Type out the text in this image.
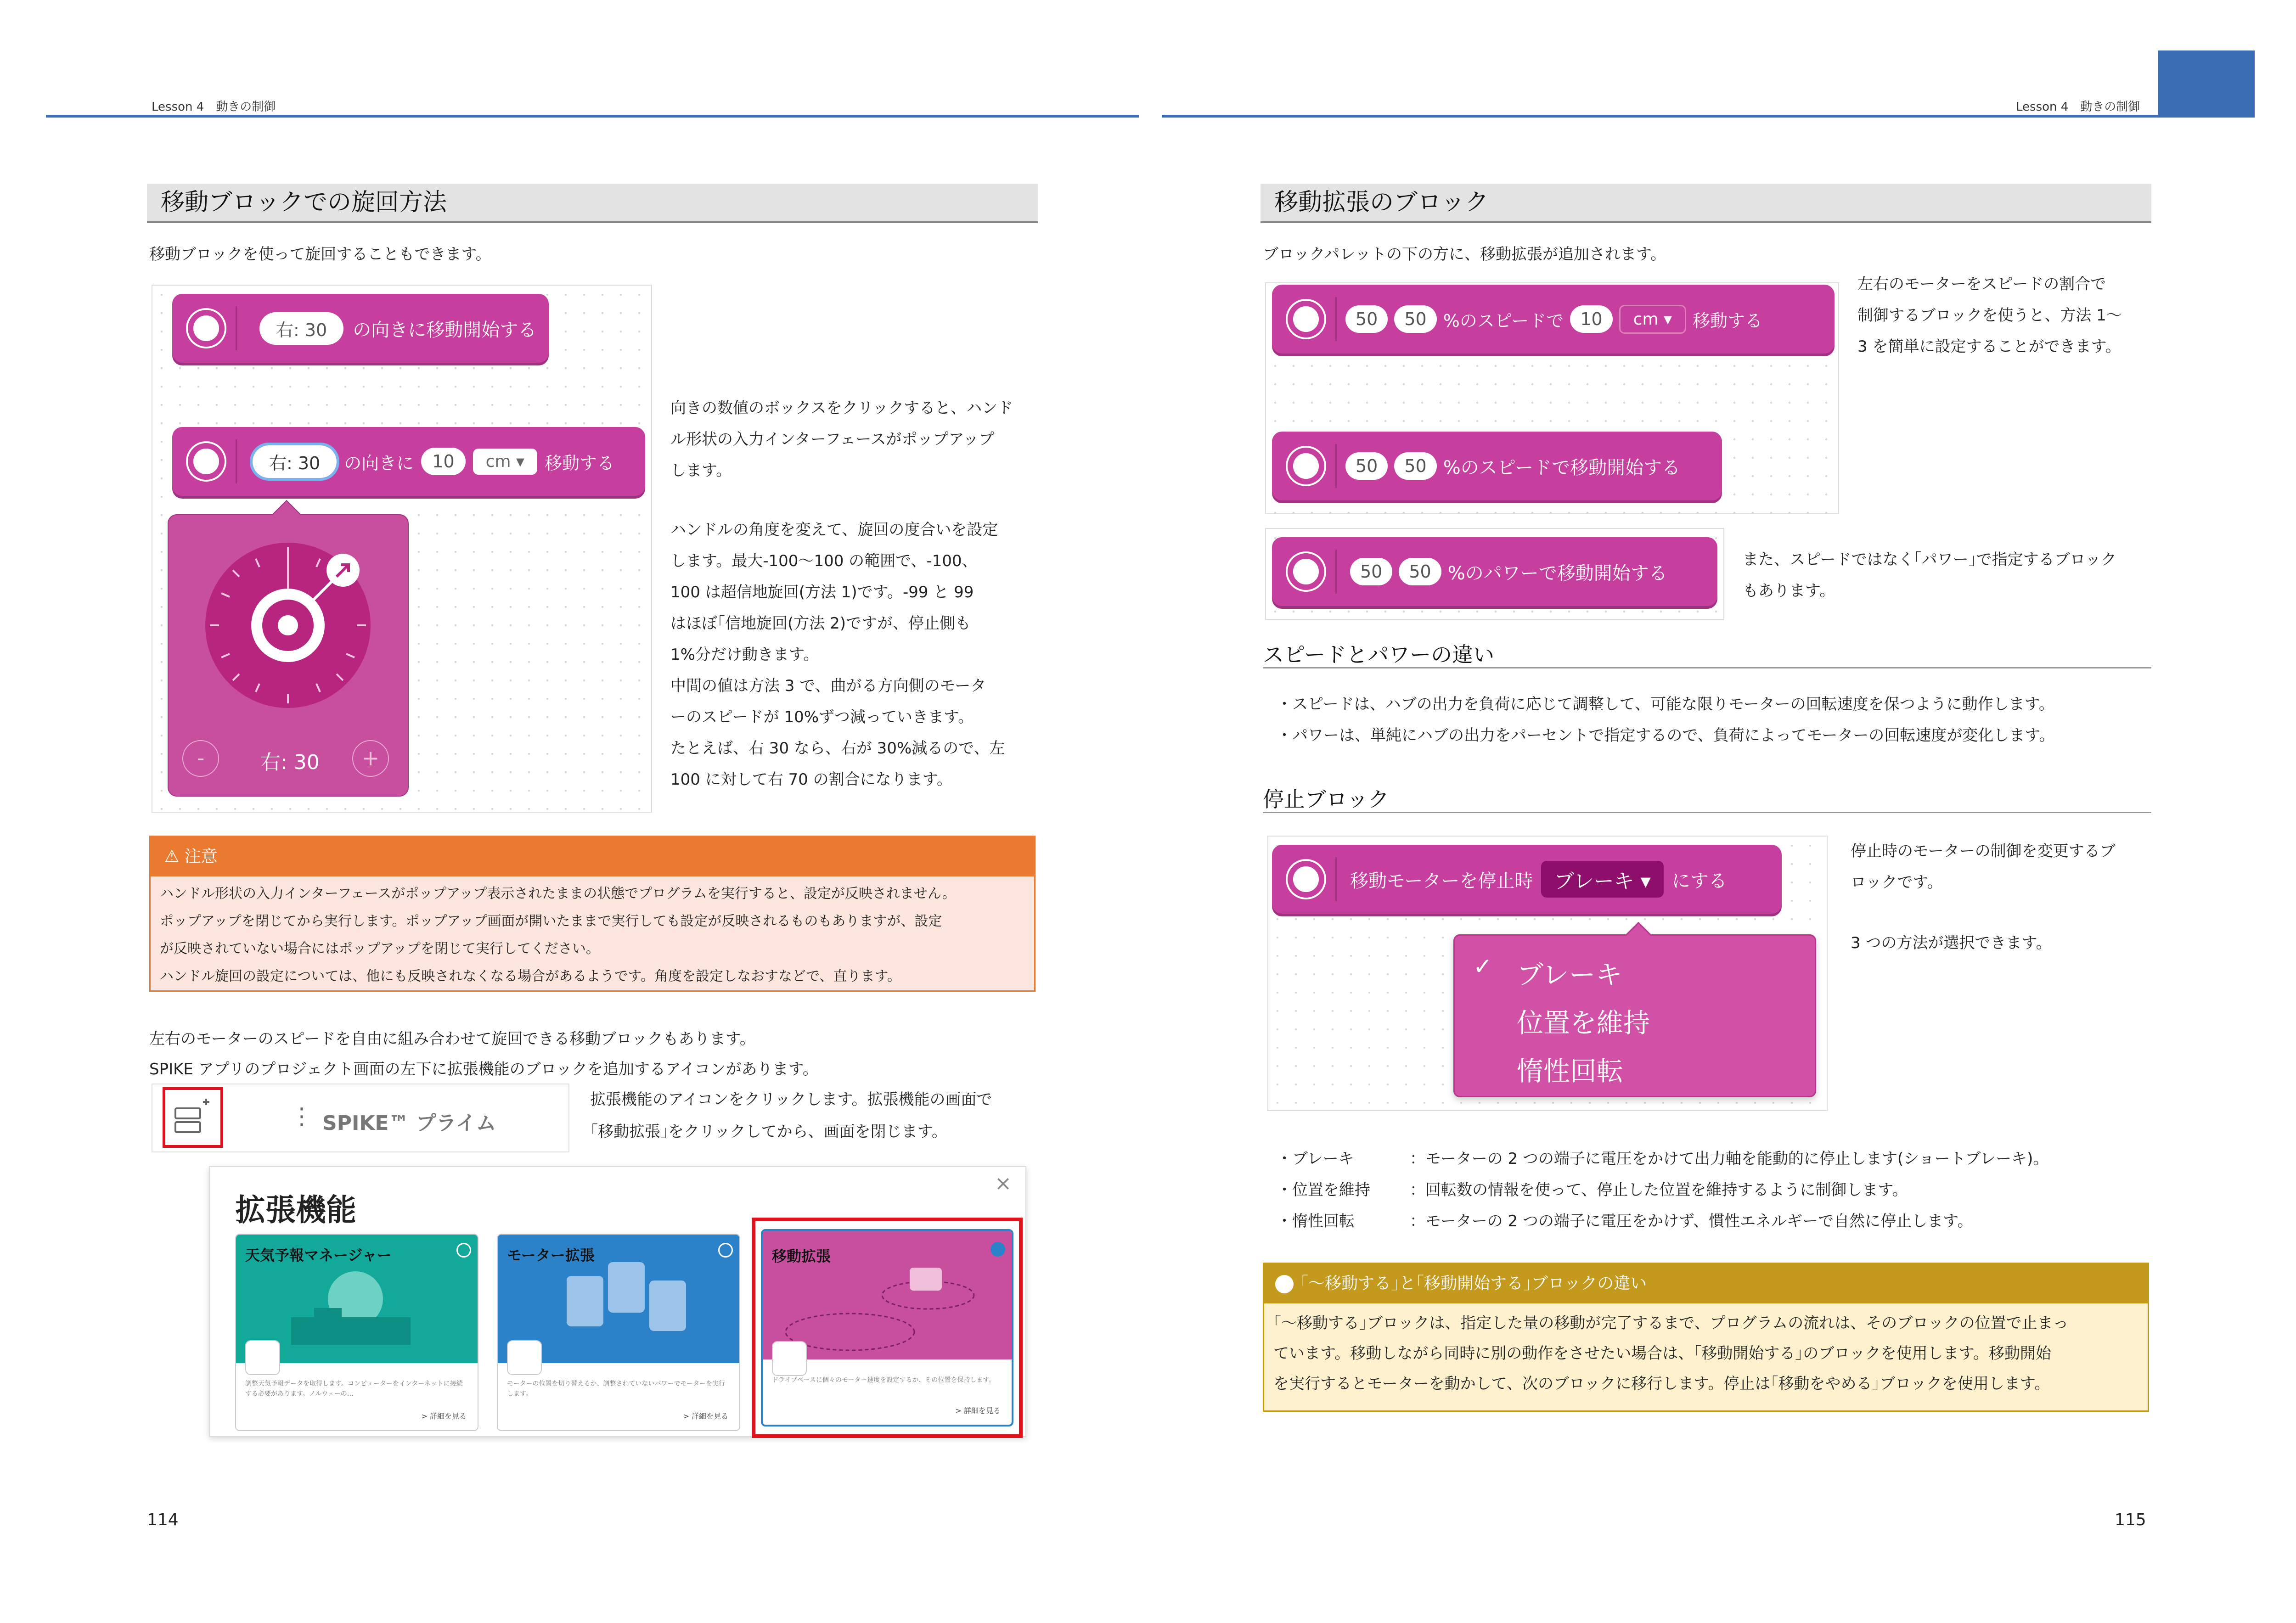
Lesson 4　動きの制御
移動ブロックでの旋回方法
移動ブロックを使って旋回することもできます。
右: 30	の向きに移動開始する
右: 30	の向きに	10	cm ▾	移動する
-	右: 30	+
向きの数値のボックスをクリックすると、ハンド
ル形状の入力インターフェースがポップアップ
します。
ハンドルの角度を変えて、旋回の度合いを設定
します。最大-100〜100 の範囲で、-100、
100 は超信地旋回(方法 1)です。-99 と 99
はほぼ｢信地旋回(方法 2)ですが、停止側も
1%分だけ動きます。
中間の値は方法 3 で、曲がる方向側のモータ
ーのスピードが 10%ずつ減っていきます。
たとえば、右 30 なら、右が 30%減るので、左
100 に対して右 70 の割合になります。
⚠ 注意
ハンドル形状の入力インターフェースがポップアップ表示されたままの状態でプログラムを実行すると、設定が反映されません。
ポップアップを閉じてから実行します。ポップアップ画面が開いたままで実行しても設定が反映されるものもありますが、設定
が反映されていない場合にはポップアップを閉じて実行してください。
ハンドル旋回の設定については、他にも反映されなくなる場合があるようです。角度を設定しなおすなどで、直ります。
左右のモーターのスピードを自由に組み合わせて旋回できる移動ブロックもあります。
SPIKE アプリのプロジェクト画面の左下に拡張機能のブロックを追加するアイコンがあります。
⋮ SPIKE™ プライム
拡張機能のアイコンをクリックします。拡張機能の画面で
｢移動拡張｣をクリックしてから、画面を閉じます。
拡張機能
×
天気予報マネージャー
調整天気予報データを取得します。コンピューターをインターネットに接続する必要があります。ノルウェーの…
> 詳細を見る
モーター拡張
モーターの位置を切り替えるか、調整されていないパワーでモーターを実行します。
> 詳細を見る
移動拡張
ドライブベースに個々のモーター速度を設定するか、その位置を保持します。
> 詳細を見る
114
Lesson 4　動きの制御
移動拡張のブロック
ブロックパレットの下の方に、移動拡張が追加されます。
50	50 %のスピードで 10	cm ▾	移動する
50	50 %のスピードで移動開始する
左右のモーターをスピードの割合で
制御するブロックを使うと、方法 1〜
3 を簡単に設定することができます。
50	50 %のパワーで移動開始する
また、スピードではなく｢パワー｣で指定するブロック
もあります。
スピードとパワーの違い
・スピードは、ハブの出力を負荷に応じて調整して、可能な限りモーターの回転速度を保つように動作します。
・パワーは、単純にハブの出力をパーセントで指定するので、負荷によってモーターの回転速度が変化します。
停止ブロック
移動モーターを停止時	ブレーキ ▾	にする
✓ ブレーキ
位置を維持
惰性回転
停止時のモーターの制御を変更するブ
ロックです。
3 つの方法が選択できます。
・ブレーキ	：モーターの 2 つの端子に電圧をかけて出力軸を能動的に停止します(ショートブレーキ)。
・位置を維持	：回転数の情報を使って、停止した位置を維持するように制御します。
・惰性回転	：モーターの 2 つの端子に電圧をかけず、慣性エネルギーで自然に停止します。
｢〜移動する｣と｢移動開始する｣ブロックの違い
｢〜移動する｣ブロックは、指定した量の移動が完了するまで、プログラムの流れは、そのブロックの位置で止まっ
ています。移動しながら同時に別の動作をさせたい場合は、｢移動開始する｣のブロックを使用します。移動開始
を実行するとモーターを動かして、次のブロックに移行します。停止は｢移動をやめる｣ブロックを使用します。
115
